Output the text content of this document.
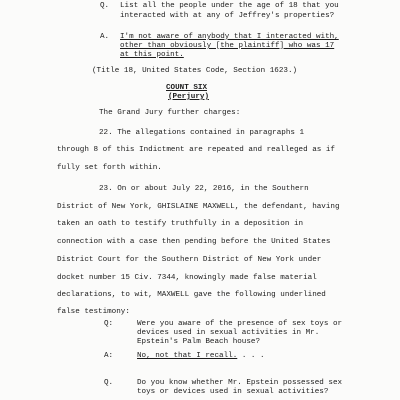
Q. List all the people under the age of 18 that you
interacted with at any of Jeffrey's properties?
A. I'm not aware of anybody that I interacted with,
other than obviously [the plaintiff] who was 17
at this point.
(Title 18, United States Code, Section 1623.)
COUNT SIX
(Perjury)
The Grand Jury further charges:
22. The allegations contained in paragraphs 1
through 8 of this Indictment are repeated and realleged as if
fully set forth within.
23. On or about July 22, 2016, in the Southern
District of New York, GHISLAINE MAXWELL, the defendant, having
taken an oath to testify truthfully in a deposition in
connection with a case then pending before the United States
District Court for the Southern District of New York under
docket number 15 Civ. 7344, knowingly made false material
declarations, to wit, MAXWELL gave the following underlined
false testimony:
Q:	Were you aware of the presence of sex toys or
devices used in sexual activities in Mr.
Epstein's Palm Beach house?
A:	No, not that I recall. . . .
Q.	Do you know whether Mr. Epstein possessed sex
toys or devices used in sexual activities?
